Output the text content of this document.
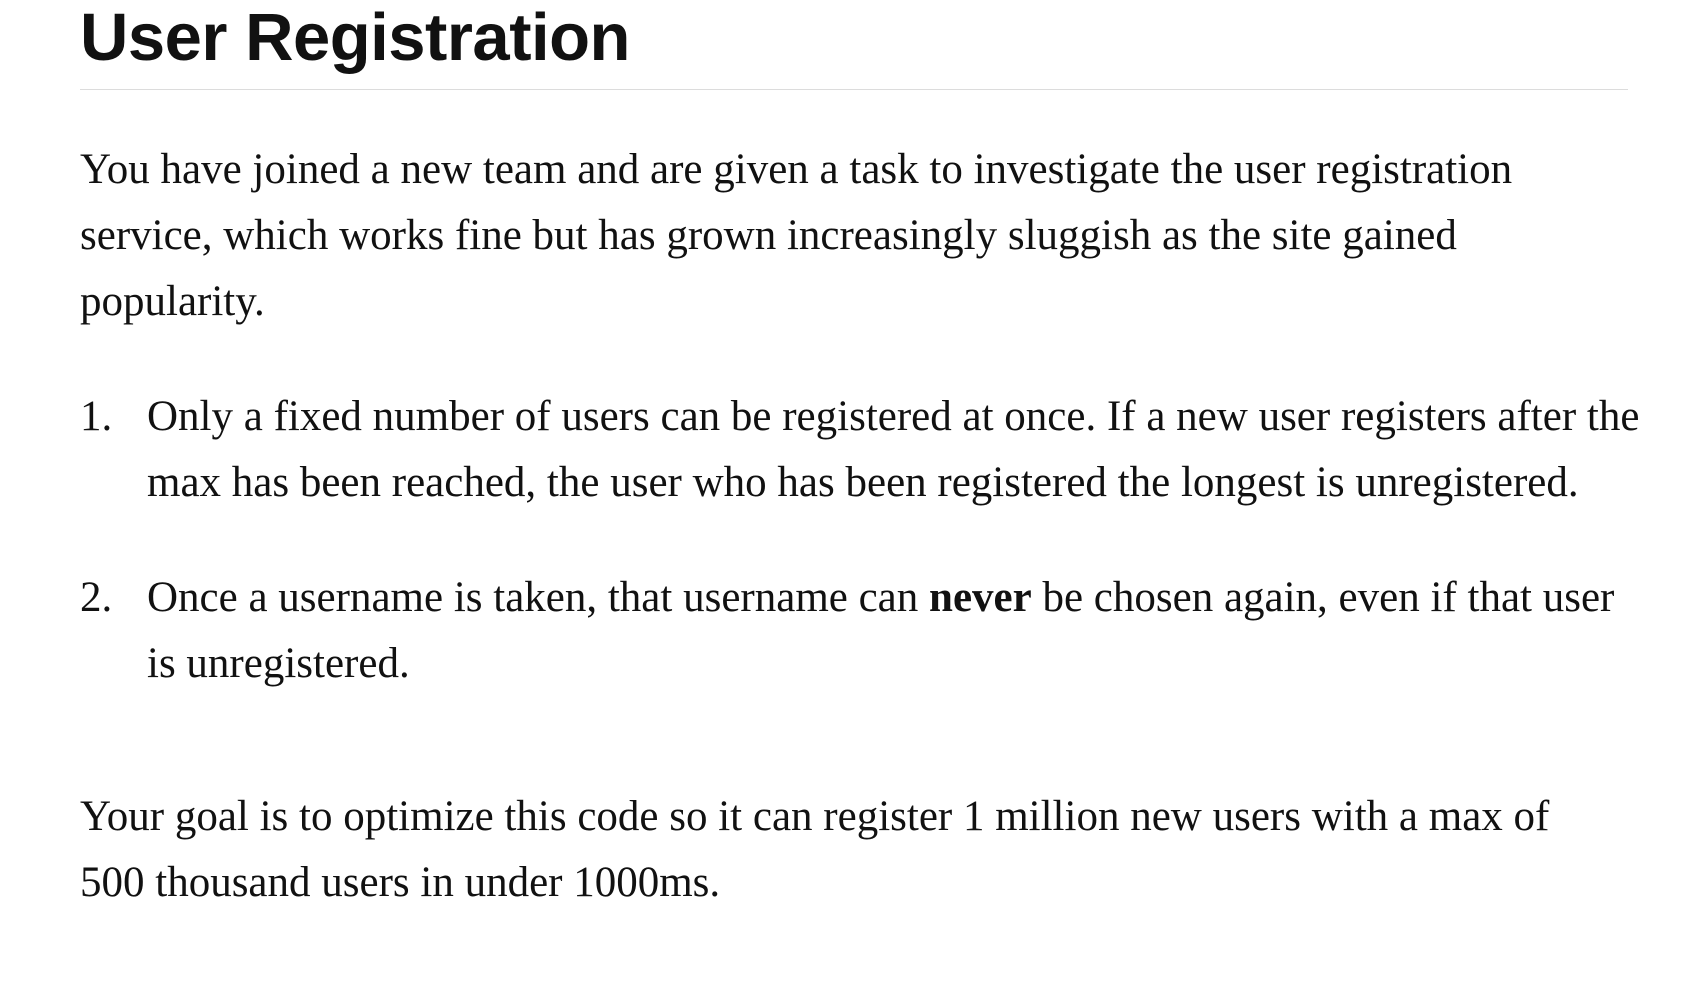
User Registration

You have joined a new team and are given a task to investigate the user registration service, which works fine but has grown increasingly sluggish as the site gained popularity.

1. Only a fixed number of users can be registered at once. If a new user registers after the max has been reached, the user who has been registered the longest is unregistered.
2. Once a username is taken, that username can never be chosen again, even if that user is unregistered.

Your goal is to optimize this code so it can register 1 million new users with a max of 500 thousand users in under 1000ms.
